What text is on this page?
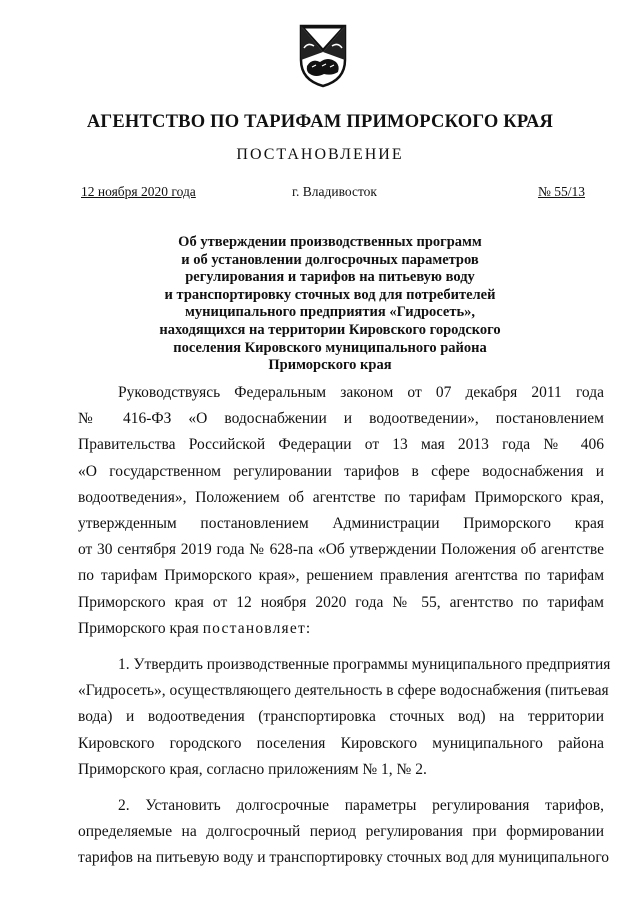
АГЕНТСТВО ПО ТАРИФАМ ПРИМОРСКОГО КРАЯ
ПОСТАНОВЛЕНИЕ
12 ноября 2020 года	г. Владивосток	№ 55/13
Об утверждении производственных программ
и об установлении долгосрочных параметров
регулирования и тарифов на питьевую воду
и транспортировку сточных вод для потребителей
муниципального предприятия «Гидросеть»,
находящихся на территории Кировского городского
поселения Кировского муниципального района
Приморского края
Руководствуясь Федеральным законом от 07 декабря 2011 года
№ 416-ФЗ «О водоснабжении и водоотведении», постановлением
Правительства Российской Федерации от 13 мая 2013 года № 406
«О государственном регулировании тарифов в сфере водоснабжения и
водоотведения», Положением об агентстве по тарифам Приморского края,
утвержденным постановлением Администрации Приморского края
от 30 сентября 2019 года № 628-па «Об утверждении Положения об агентстве
по тарифам Приморского края», решением правления агентства по тарифам
Приморского края от 12 ноября 2020 года № 55, агентство по тарифам
Приморского края постановляет:
1. Утвердить производственные программы муниципального предприятия
«Гидросеть», осуществляющего деятельность в сфере водоснабжения (питьевая
вода) и водоотведения (транспортировка сточных вод) на территории
Кировского городского поселения Кировского муниципального района
Приморского края, согласно приложениям № 1, № 2.
2. Установить долгосрочные параметры регулирования тарифов,
определяемые на долгосрочный период регулирования при формировании
тарифов на питьевую воду и транспортировку сточных вод для муниципального
